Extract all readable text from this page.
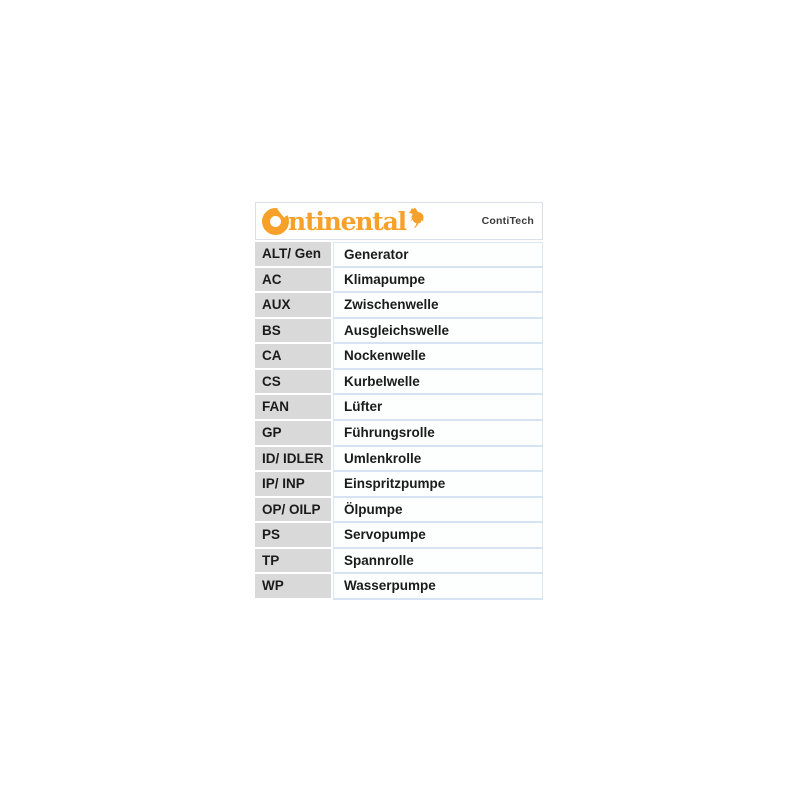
ntinental	ContiTech
ALT/ Gen	Generator
AC	Klimapumpe
AUX	Zwischenwelle
BS	Ausgleichswelle
CA	Nockenwelle
CS	Kurbelwelle
FAN	Lüfter
GP	Führungsrolle
ID/ IDLER	Umlenkrolle
IP/ INP	Einspritzpumpe
OP/ OILP	Ölpumpe
PS	Servopumpe
TP	Spannrolle
WP	Wasserpumpe
